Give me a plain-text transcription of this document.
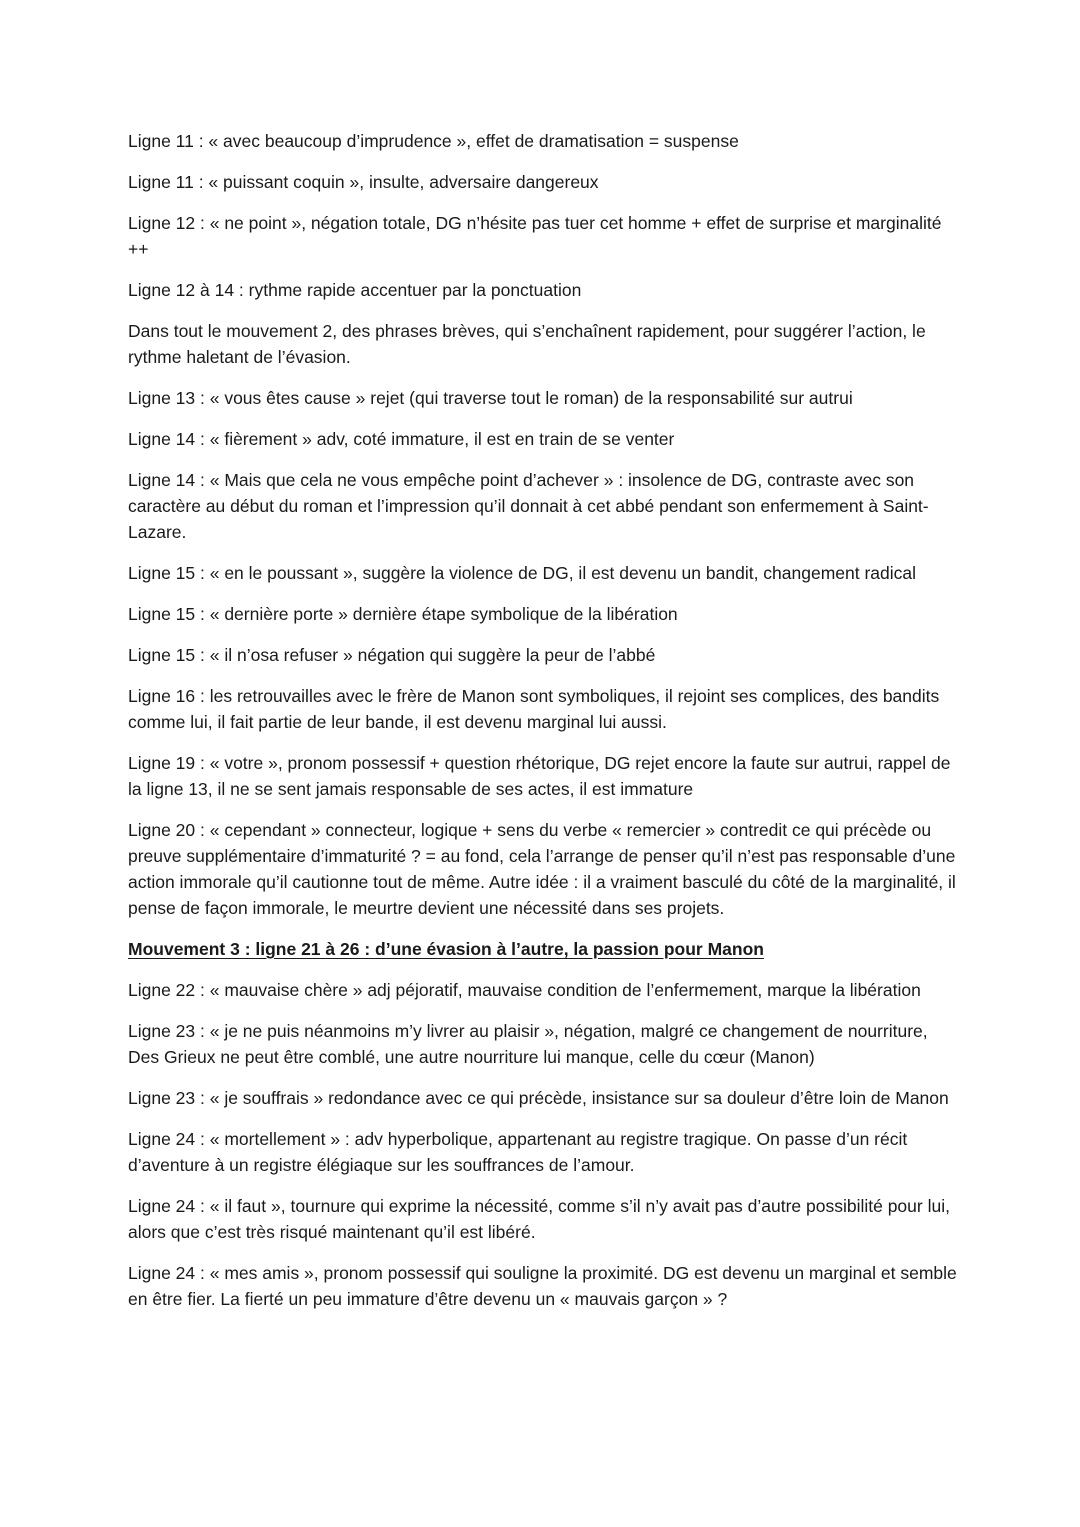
Ligne 11 : « avec beaucoup d’imprudence », effet de dramatisation = suspense

Ligne 11 : « puissant coquin », insulte, adversaire dangereux

Ligne 12 : « ne point », négation totale, DG n’hésite pas tuer cet homme + effet de surprise et marginalité ++

Ligne 12 à 14 : rythme rapide accentuer par la ponctuation

Dans tout le mouvement 2, des phrases brèves, qui s’enchaînent rapidement, pour suggérer l’action, le rythme haletant de l’évasion.

Ligne 13 : « vous êtes cause » rejet (qui traverse tout le roman) de la responsabilité sur autrui

Ligne 14 : « fièrement » adv, coté immature, il est en train de se venter

Ligne 14 : « Mais que cela ne vous empêche point d’achever » : insolence de DG, contraste avec son caractère au début du roman et l’impression qu’il donnait à cet abbé pendant son enfermement à Saint-Lazare.

Ligne 15 : « en le poussant », suggère la violence de DG, il est devenu un bandit, changement radical

Ligne 15 : « dernière porte » dernière étape symbolique de la libération

Ligne 15 : « il n’osa refuser » négation qui suggère la peur de l’abbé

Ligne 16 : les retrouvailles avec le frère de Manon sont symboliques, il rejoint ses complices, des bandits comme lui, il fait partie de leur bande, il est devenu marginal lui aussi.

Ligne 19 : « votre », pronom possessif + question rhétorique, DG rejet encore la faute sur autrui, rappel de la ligne 13, il ne se sent jamais responsable de ses actes, il est immature

Ligne 20 : « cependant » connecteur, logique + sens du verbe « remercier » contredit ce qui précède ou preuve supplémentaire d’immaturité ? = au fond, cela l’arrange de penser qu’il n’est pas responsable d’une action immorale qu’il cautionne tout de même. Autre idée : il a vraiment basculé du côté de la marginalité, il pense de façon immorale, le meurtre devient une nécessité dans ses projets.

Mouvement 3 : ligne 21 à 26 : d’une évasion à l’autre, la passion pour Manon

Ligne 22 : « mauvaise chère » adj péjoratif, mauvaise condition de l’enfermement, marque la libération

Ligne 23 : « je ne puis néanmoins m’y livrer au plaisir », négation, malgré ce changement de nourriture, Des Grieux ne peut être comblé, une autre nourriture lui manque, celle du cœur (Manon)

Ligne 23 : « je souffrais » redondance avec ce qui précède, insistance sur sa douleur d’être loin de Manon

Ligne 24 : « mortellement » : adv hyperbolique, appartenant au registre tragique. On passe d’un récit d’aventure à un registre élégiaque sur les souffrances de l’amour.

Ligne 24 : « il faut », tournure qui exprime la nécessité, comme s’il n’y avait pas d’autre possibilité pour lui, alors que c’est très risqué maintenant qu’il est libéré.

Ligne 24 : « mes amis », pronom possessif qui souligne la proximité. DG est devenu un marginal et semble en être fier. La fierté un peu immature d’être devenu un « mauvais garçon » ?
